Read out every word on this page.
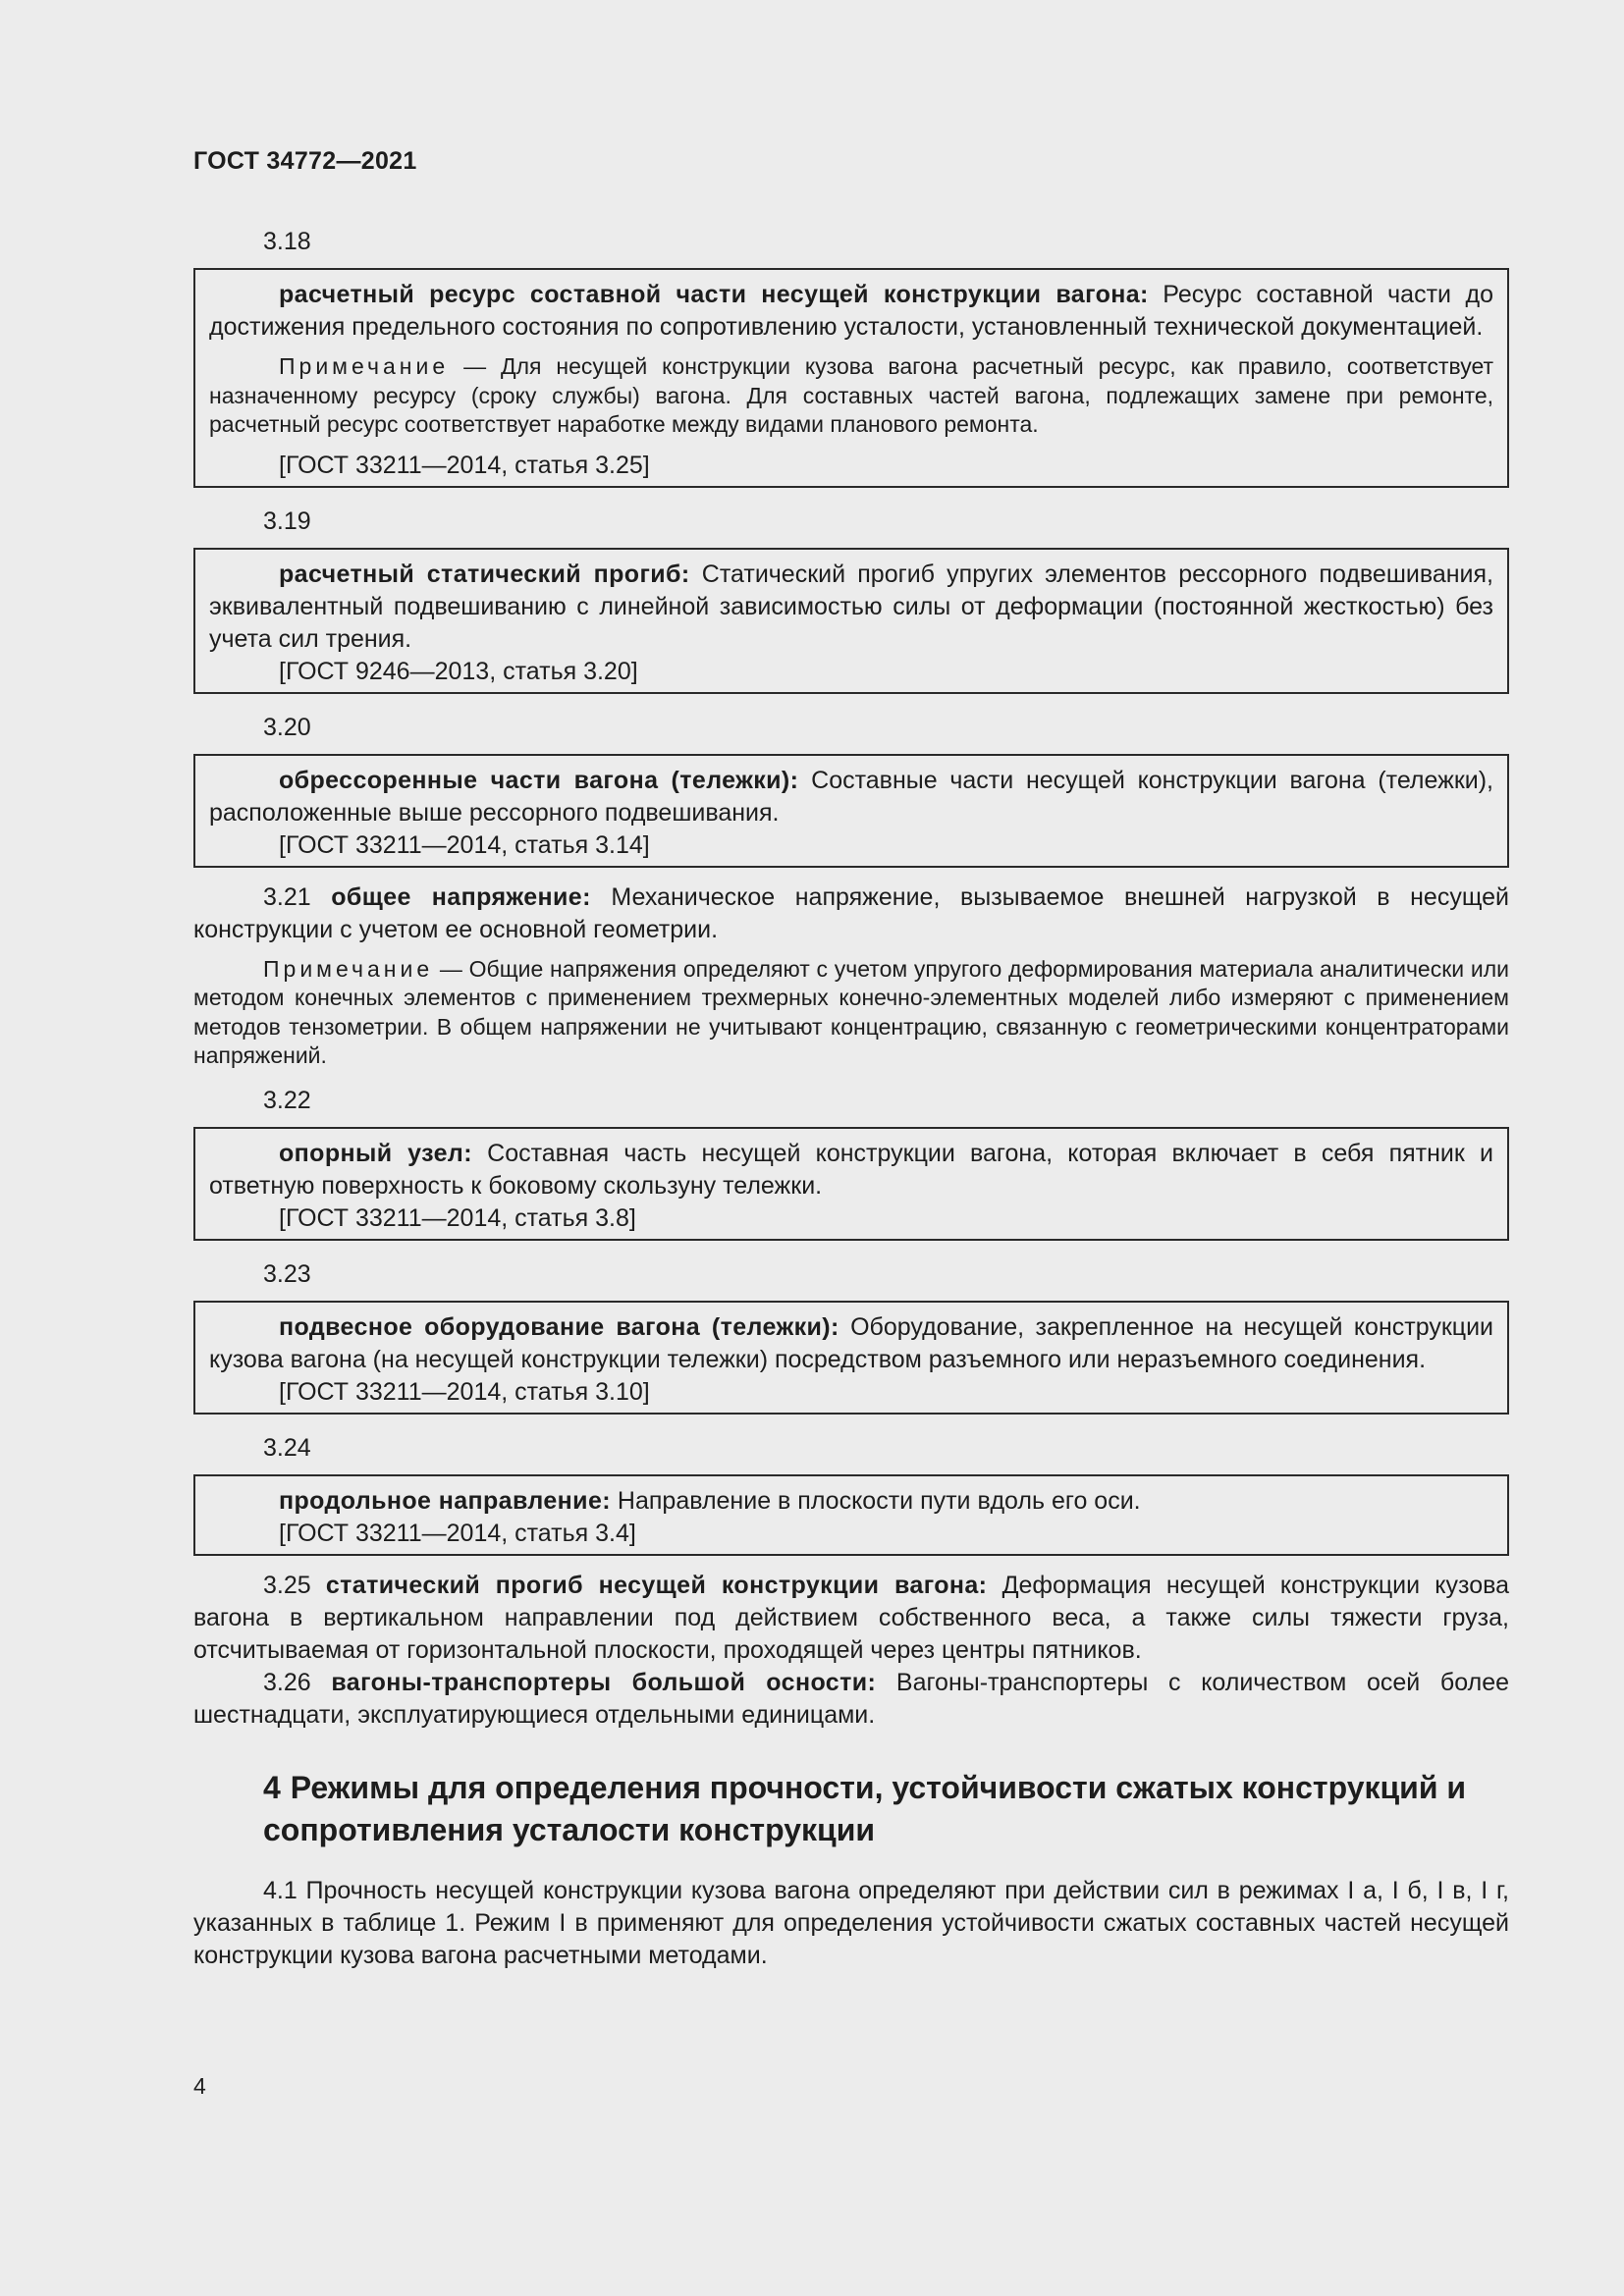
ГОСТ 34772—2021
3.18

расчетный ресурс составной части несущей конструкции вагона: Ресурс составной части до достижения предельного состояния по сопротивлению усталости, установленный технической документацией.

Примечание — Для несущей конструкции кузова вагона расчетный ресурс, как правило, соответствует назначенному ресурсу (сроку службы) вагона. Для составных частей вагона, подлежащих замене при ремонте, расчетный ресурс соответствует наработке между видами планового ремонта.

[ГОСТ 33211—2014, статья 3.25]

3.19

расчетный статический прогиб: Статический прогиб упругих элементов рессорного подвешивания, эквивалентный подвешиванию с линейной зависимостью силы от деформации (постоянной жесткостью) без учета сил трения.

[ГОСТ 9246—2013, статья 3.20]

3.20

обрессоренные части вагона (тележки): Составные части несущей конструкции вагона (тележки), расположенные выше рессорного подвешивания.

[ГОСТ 33211—2014, статья 3.14]

3.21 общее напряжение: Механическое напряжение, вызываемое внешней нагрузкой в несущей конструкции с учетом ее основной геометрии.

Примечание — Общие напряжения определяют с учетом упругого деформирования материала аналитически или методом конечных элементов с применением трехмерных конечно-элементных моделей либо измеряют с применением методов тензометрии. В общем напряжении не учитывают концентрацию, связанную с геометрическими концентраторами напряжений.

3.22

опорный узел: Составная часть несущей конструкции вагона, которая включает в себя пятник и ответную поверхность к боковому скользуну тележки.

[ГОСТ 33211—2014, статья 3.8]

3.23

подвесное оборудование вагона (тележки): Оборудование, закрепленное на несущей конструкции кузова вагона (на несущей конструкции тележки) посредством разъемного или неразъемного соединения.

[ГОСТ 33211—2014, статья 3.10]

3.24

продольное направление: Направление в плоскости пути вдоль его оси.

[ГОСТ 33211—2014, статья 3.4]

3.25 статический прогиб несущей конструкции вагона: Деформация несущей конструкции кузова вагона в вертикальном направлении под действием собственного веса, а также силы тяжести груза, отсчитываемая от горизонтальной плоскости, проходящей через центры пятников.

3.26 вагоны-транспортеры большой осности: Вагоны-транспортеры с количеством осей более шестнадцати, эксплуатирующиеся отдельными единицами.

4 Режимы для определения прочности, устойчивости сжатых конструкций и сопротивления усталости конструкции

4.1 Прочность несущей конструкции кузова вагона определяют при действии сил в режимах I а, I б, I в, I г, указанных в таблице 1. Режим I в применяют для определения устойчивости сжатых составных частей несущей конструкции кузова вагона расчетными методами.

4
